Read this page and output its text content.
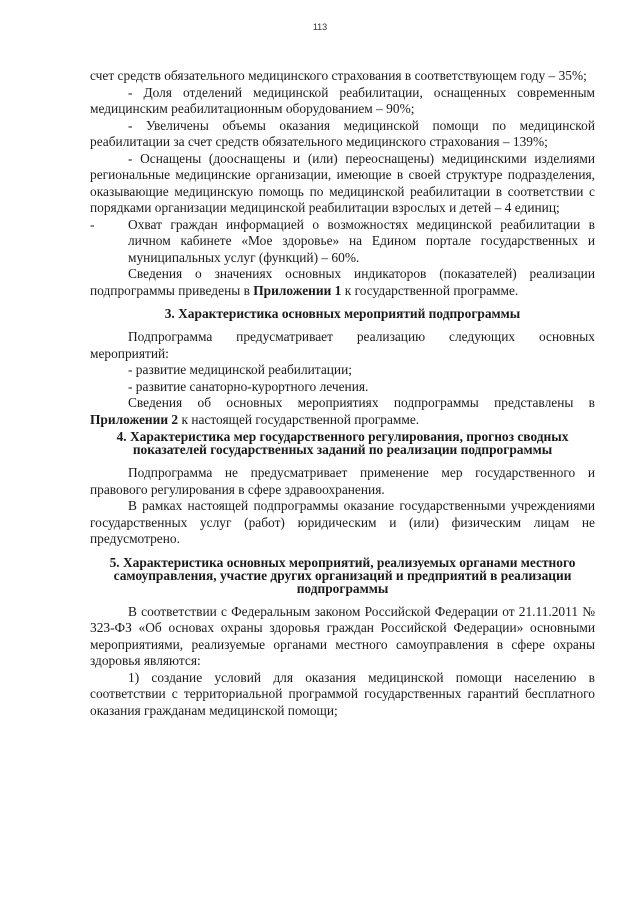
113

счет средств обязательного медицинского страхования в соответствующем году – 35%;

- Доля отделений медицинской реабилитации, оснащенных современным медицинским реабилитационным оборудованием – 90%;

- Увеличены объемы оказания медицинской помощи по медицинской реабилитации за счет средств обязательного медицинского страхования – 139%;

- Оснащены (дооснащены и (или) переоснащены) медицинскими изделиями региональные медицинские организации, имеющие в своей структуре подразделения, оказывающие медицинскую помощь по медицинской реабилитации в соответствии с порядками организации медицинской реабилитации взрослых и детей – 4 единиц;

-	Охват граждан информацией о возможностях медицинской реабилитации в личном кабинете «Мое здоровье» на Едином портале государственных и муниципальных услуг (функций) – 60%.

Сведения о значениях основных индикаторов (показателей) реализации подпрограммы приведены в Приложении 1 к государственной программе.

3. Характеристика основных мероприятий подпрограммы

Подпрограмма предусматривает реализацию следующих основных мероприятий:

- развитие медицинской реабилитации;

- развитие санаторно-курортного лечения.

Сведения об основных мероприятиях подпрограммы представлены в Приложении 2 к настоящей государственной программе.

4. Характеристика мер государственного регулирования, прогноз сводных показателей государственных заданий по реализации подпрограммы

Подпрограмма не предусматривает применение мер государственного и правового регулирования в сфере здравоохранения.

В рамках настоящей подпрограммы оказание государственными учреждениями государственных услуг (работ) юридическим и (или) физическим лицам не предусмотрено.

5. Характеристика основных мероприятий, реализуемых органами местного самоуправления, участие других организаций и предприятий в реализации подпрограммы

В соответствии с Федеральным законом Российской Федерации от 21.11.2011 № 323-ФЗ «Об основах охраны здоровья граждан Российской Федерации» основными мероприятиями, реализуемые органами местного самоуправления в сфере охраны здоровья являются:

1) создание условий для оказания медицинской помощи населению в соответствии с территориальной программой государственных гарантий бесплатного оказания гражданам медицинской помощи;
